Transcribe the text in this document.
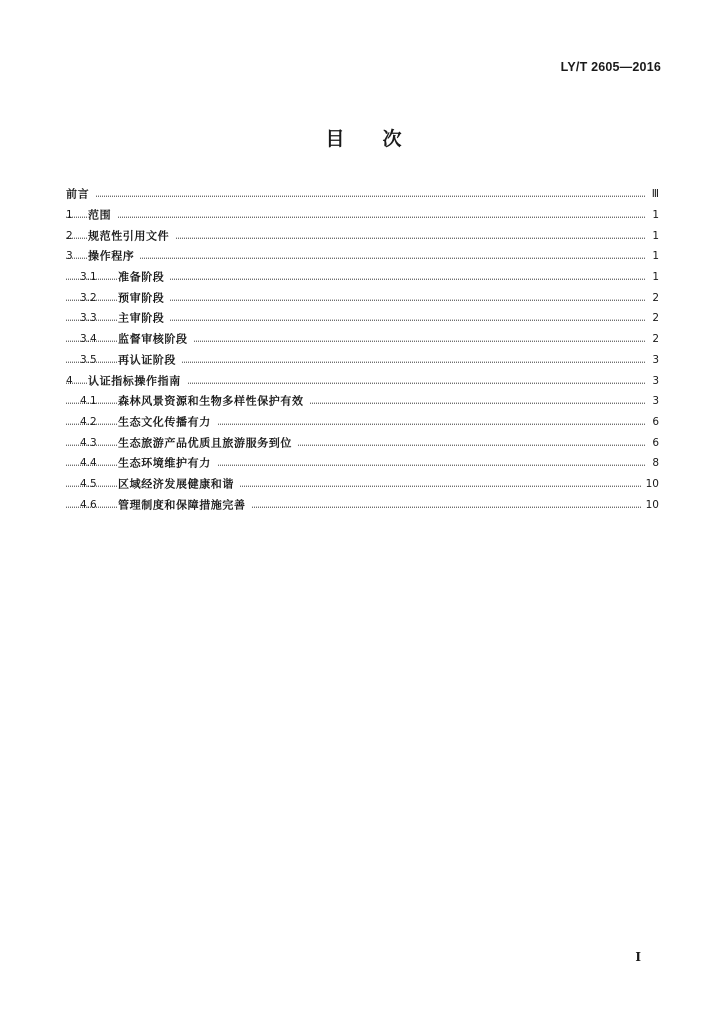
LY/T 2605—2016
目次
前言	Ⅲ
1 范围	1
2 规范性引用文件	1
3 操作程序	1
3.1 准备阶段	1
3.2 预审阶段	2
3.3 主审阶段	2
3.4 监督审核阶段	2
3.5 再认证阶段	3
4 认证指标操作指南	3
4.1 森林风景资源和生物多样性保护有效	3
4.2 生态文化传播有力	6
4.3 生态旅游产品优质且旅游服务到位	6
4.4 生态环境维护有力	8
4.5 区域经济发展健康和谐	10
4.6 管理制度和保障措施完善	10
I
